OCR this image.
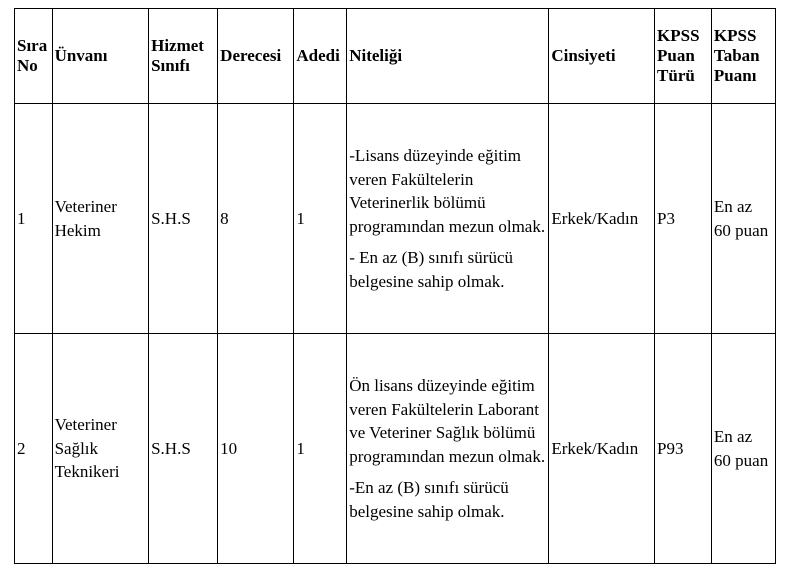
Sıra No	Ünvanı	Hizmet Sınıfı	Derecesi	Adedi	Niteliği	Cinsiyeti	KPSS Puan Türü	KPSS Taban Puanı
1	Veteriner Hekim	S.H.S	8	1	-Lisans düzeyinde eğitim veren Fakültelerin Veterinerlik bölümü programından mezun olmak.
- En az (B) sınıfı sürücü belgesine sahip olmak.	Erkek/Kadın	P3	En az 60 puan
2	Veteriner Sağlık Teknikeri	S.H.S	10	1	Ön lisans düzeyinde eğitim veren Fakültelerin Laborant ve Veteriner Sağlık bölümü programından mezun olmak.
-En az (B) sınıfı sürücü belgesine sahip olmak.	Erkek/Kadın	P93	En az 60 puan
